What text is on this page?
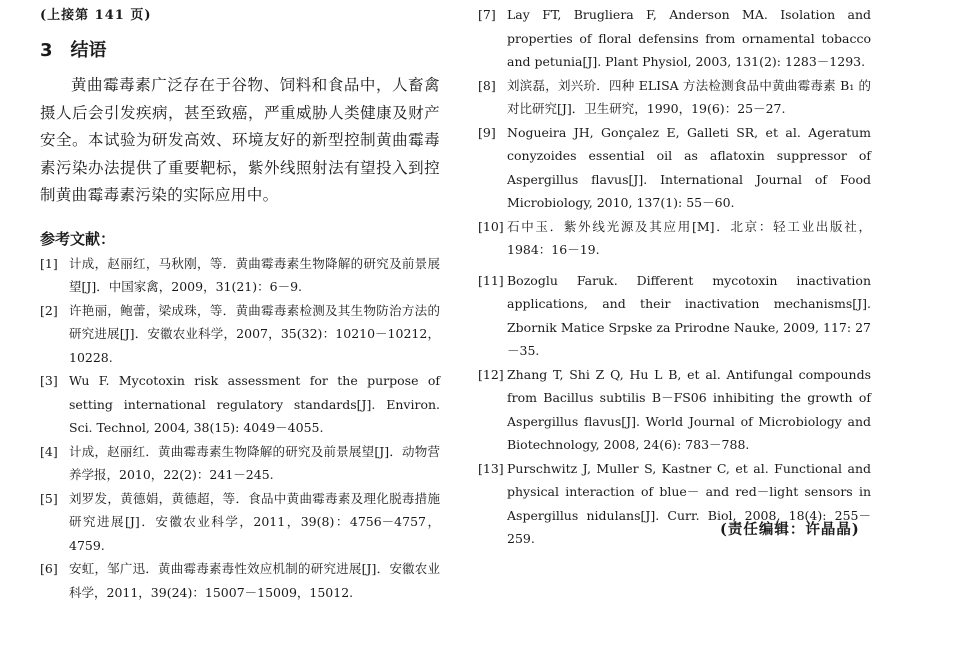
(上接第 141 页)

3 结语

黄曲霉毒素广泛存在于谷物、饲料和食品中，人畜禽摄人后会引发疾病，甚至致癌，严重威胁人类健康及财产安全。本试验为研发高效、环境友好的新型控制黄曲霉毒素污染办法提供了重要靶标，紫外线照射法有望投入到控制黄曲霉毒素污染的实际应用中。

参考文献：

[1] 计成，赵丽红，马秋刚，等．黄曲霉毒素生物降解的研究及前景展望[J]．中国家禽，2009，31(21)：6－9.
[2] 许艳丽，鲍蕾，梁成珠，等．黄曲霉毒素检测及其生物防治方法的研究进展[J]．安徽农业科学，2007，35(32)：10210－10212，10228.
[3] Wu F. Mycotoxin risk assessment for the purpose of setting international regulatory standards[J]. Environ. Sci. Technol, 2004, 38(15): 4049－4055.
[4] 计成，赵丽红．黄曲霉毒素生物降解的研究及前景展望[J]．动物营养学报，2010，22(2)：241－245.
[5] 刘罗发，黄德娟，黄德超，等．食品中黄曲霉毒素及理化脱毒措施研究进展[J]．安徽农业科学，2011，39(8)：4756－4757，4759.
[6] 安虹，邹广迅．黄曲霉毒素毒性效应机制的研究进展[J]．安徽农业科学，2011，39(24)：15007－15009，15012.
[7] Lay FT, Brugliera F, Anderson MA. Isolation and properties of floral defensins from ornamental tobacco and petunia[J]. Plant Physiol, 2003, 131(2): 1283－1293.
[8] 刘滨磊，刘兴玠．四种 ELISA 方法检测食品中黄曲霉毒素 B₁ 的对比研究[J]．卫生研究，1990，19(6)：25－27.
[9] Nogueira JH, Gonçalez E, Galleti SR, et al. Ageratum conyzoides essential oil as aflatoxin suppressor of Aspergillus flavus[J]. International Journal of Food Microbiology, 2010, 137(1): 55－60.
[10] 石中玉．紫外线光源及其应用[M]．北京：轻工业出版社，1984：16－19.
[11] Bozoglu Faruk. Different mycotoxin inactivation applications, and their inactivation mechanisms[J]. Zbornik Matice Srpske za Prirodne Nauke, 2009, 117: 27－35.
[12] Zhang T, Shi Z Q, Hu L B, et al. Antifungal compounds from Bacillus subtilis B－FS06 inhibiting the growth of Aspergillus flavus[J]. World Journal of Microbiology and Biotechnology, 2008, 24(6): 783－788.
[13] Purschwitz J, Muller S, Kastner C, et al. Functional and physical interaction of blue－ and red－light sensors in Aspergillus nidulans[J]. Curr. Biol, 2008, 18(4): 255－259.
(责任编辑：许晶晶)
